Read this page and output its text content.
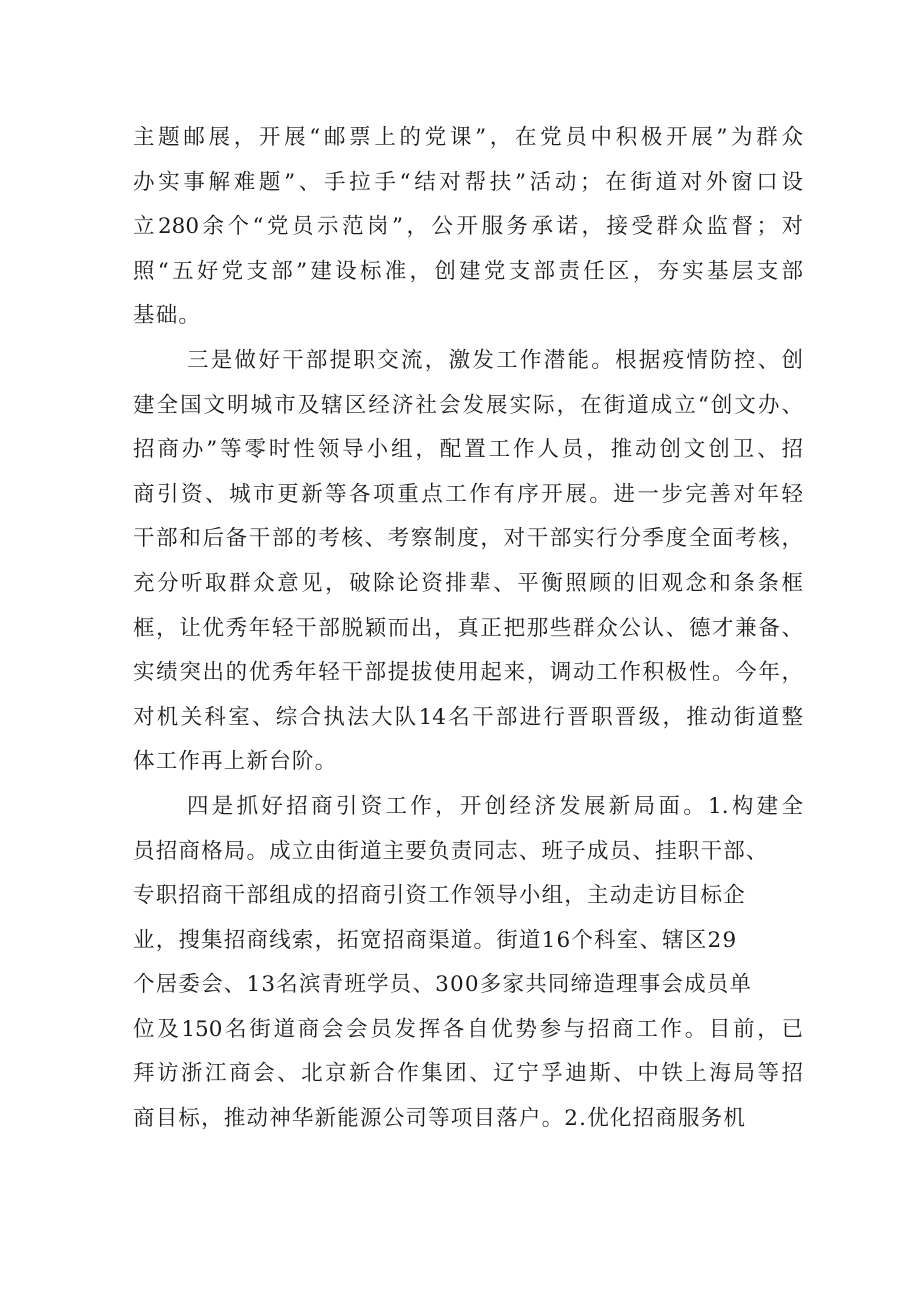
主题邮展，开展“邮票上的党课”，在党员中积极开展”为群众
办实事解难题”、手拉手“结对帮扶”活动；在街道对外窗口设
立280余个“党员示范岗”，公开服务承诺，接受群众监督；对
照“五好党支部”建设标准，创建党支部责任区，夯实基层支部
基础。
三是做好干部提职交流，激发工作潜能。根据疫情防控、创
建全国文明城市及辖区经济社会发展实际，在街道成立“创文办、
招商办”等零时性领导小组，配置工作人员，推动创文创卫、招
商引资、城市更新等各项重点工作有序开展。进一步完善对年轻
干部和后备干部的考核、考察制度，对干部实行分季度全面考核，
充分听取群众意见，破除论资排辈、平衡照顾的旧观念和条条框
框，让优秀年轻干部脱颖而出，真正把那些群众公认、德才兼备、
实绩突出的优秀年轻干部提拔使用起来，调动工作积极性。今年，
对机关科室、综合执法大队14名干部进行晋职晋级，推动街道整
体工作再上新台阶。
四是抓好招商引资工作，开创经济发展新局面。1.构建全
员招商格局。成立由街道主要负责同志、班子成员、挂职干部、
专职招商干部组成的招商引资工作领导小组，主动走访目标企
业，搜集招商线索，拓宽招商渠道。街道16个科室、辖区29
个居委会、13名滨青班学员、300多家共同缔造理事会成员单
位及150名街道商会会员发挥各自优势参与招商工作。目前，已
拜访浙江商会、北京新合作集团、辽宁孚迪斯、中铁上海局等招
商目标，推动神华新能源公司等项目落户。2.优化招商服务机
